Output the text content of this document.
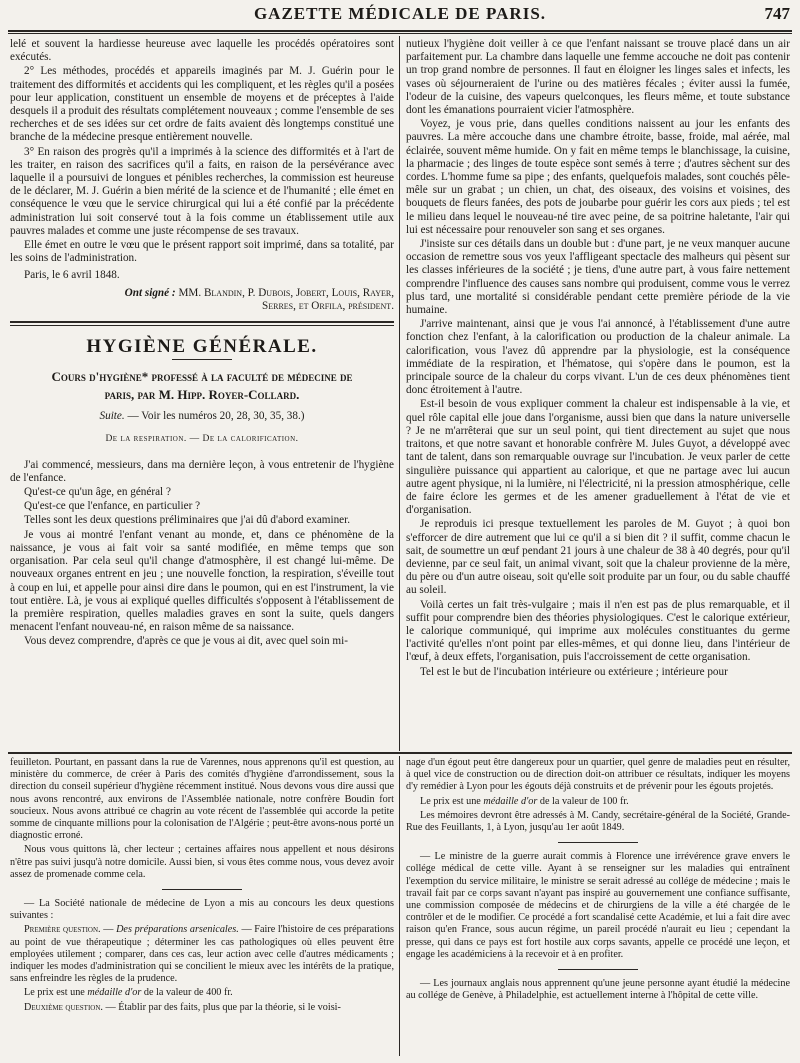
GAZETTE MÉDICALE DE PARIS.	747

lelé et souvent la hardiesse heureuse avec laquelle les procédés opératoires sont exécutés.

2° Les méthodes, procédés et appareils imaginés par M. J. Guérin pour le traitement des difformités et accidents qui les compliquent, et les règles qu'il a posées pour leur application, constituent un ensemble de moyens et de préceptes à l'aide desquels il a produit des résultats complétement nouveaux ; comme l'ensemble de ses recherches et de ses idées sur cet ordre de faits avaient dès longtemps constitué une branche de la médecine presque entièrement nouvelle.

3° En raison des progrès qu'il a imprimés à la science des difformités et à l'art de les traiter, en raison des sacrifices qu'il a faits, en raison de la persévérance avec laquelle il a poursuivi de longues et pénibles recherches, la commission est heureuse de le déclarer, M. J. Guérin a bien mérité de la science et de l'humanité ; elle émet en conséquence le vœu que le service chirurgical qui lui a été confié par la précédente administration lui soit conservé tout à la fois comme un établissement utile aux pauvres malades et comme une juste récompense de ses travaux.

Elle émet en outre le vœu que le présent rapport soit imprimé, dans sa totalité, par les soins de l'administration.

Paris, le 6 avril 1848.

Ont signé : MM. Blandin, P. Dubois, Jobert, Louis, Rayer,
Serres, et Orfila, président.
HYGIÈNE GÉNÉRALE.
Cours d'hygiène* professé à la faculté de médecine de
paris, par M. Hipp. Royer-Collard.
Suite. — Voir les numéros 20, 28, 30, 35, 38.)
De la respiration. — De la calorification.

J'ai commencé, messieurs, dans ma dernière leçon, à vous entretenir de l'hygiène de l'enfance.

Qu'est-ce qu'un âge, en général ?

Qu'est-ce que l'enfance, en particulier ?

Telles sont les deux questions préliminaires que j'ai dû d'abord examiner.

Je vous ai montré l'enfant venant au monde, et, dans ce phénomène de la naissance, je vous ai fait voir sa santé modifiée, en même temps que son organisation. Par cela seul qu'il change d'atmosphère, il est changé lui-même. De nouveaux organes entrent en jeu ; une nouvelle fonction, la respiration, s'éveille tout à coup en lui, et appelle pour ainsi dire dans le poumon, qui en est l'instrument, la vie tout entière. Là, je vous ai expliqué quelles difficultés s'opposent à l'établissement de la première respiration, quelles maladies graves en sont la suite, quels dangers menacent l'enfant nouveau-né, en raison même de sa naissance.

Vous devez comprendre, d'après ce que je vous ai dit, avec quel soin mi-

nutieux l'hygiène doit veiller à ce que l'enfant naissant se trouve placé dans un air parfaitement pur. La chambre dans laquelle une femme accouche ne doit pas contenir un trop grand nombre de personnes. Il faut en éloigner les linges sales et infects, les vases où séjourneraient de l'urine ou des matières fécales ; éviter aussi la fumée, l'odeur de la cuisine, des vapeurs quelconques, les fleurs même, et toute substance dont les émanations pourraient vicier l'atmosphère.

Voyez, je vous prie, dans quelles conditions naissent au jour les enfants des pauvres. La mère accouche dans une chambre étroite, basse, froide, mal aérée, mal éclairée, souvent même humide. On y fait en même temps le blanchissage, la cuisine, la pharmacie ; des linges de toute espèce sont semés à terre ; d'autres sèchent sur des cordes. L'homme fume sa pipe ; des enfants, quelquefois malades, sont couchés pêle-mêle sur un grabat ; un chien, un chat, des oiseaux, des voisins et voisines, des bouquets de fleurs fanées, des pots de joubarbe pour guérir les cors aux pieds ; tel est le milieu dans lequel le nouveau-né tire avec peine, de sa poitrine haletante, l'air qui lui est nécessaire pour renouveler son sang et ses organes.

J'insiste sur ces détails dans un double but : d'une part, je ne veux manquer aucune occasion de remettre sous vos yeux l'affligeant spectacle des malheurs qui pèsent sur les classes inférieures de la société ; je tiens, d'une autre part, à vous faire nettement comprendre l'influence des causes sans nombre qui produisent, comme vous le verrez plus tard, une mortalité si considérable pendant cette première période de la vie humaine.

J'arrive maintenant, ainsi que je vous l'ai annoncé, à l'établissement d'une autre fonction chez l'enfant, à la calorification ou production de la chaleur animale. La calorification, vous l'avez dû apprendre par la physiologie, est la conséquence immédiate de la respiration, et l'hématose, qui s'opère dans le poumon, est la principale source de la chaleur du corps vivant. L'un de ces deux phénomènes tient donc étroitement à l'autre.

Est-il besoin de vous expliquer comment la chaleur est indispensable à la vie, et quel rôle capital elle joue dans l'organisme, aussi bien que dans la nature universelle ? Je ne m'arrêterai que sur un seul point, qui tient directement au sujet que nous traitons, et que notre savant et honorable confrère M. Jules Guyot, a développé avec tant de talent, dans son remarquable ouvrage sur l'incubation. Je veux parler de cette singulière puissance qui appartient au calorique, et que ne partage avec lui aucun autre agent physique, ni la lumière, ni l'électricité, ni la pression atmosphérique, celle de faire éclore les germes et de les amener graduellement à l'état de vie et d'organisation.

Je reproduis ici presque textuellement les paroles de M. Guyot ; à quoi bon s'efforcer de dire autrement que lui ce qu'il a si bien dit ? il suffit, comme chacun le sait, de soumettre un œuf pendant 21 jours à une chaleur de 38 à 40 degrés, pour qu'il devienne, par ce seul fait, un animal vivant, soit que la chaleur provienne de la mère, du père ou d'un autre oiseau, soit qu'elle soit produite par un four, ou du sable chauffé au soleil.

Voilà certes un fait très-vulgaire ; mais il n'en est pas de plus remarquable, et il suffit pour comprendre bien des théories physiologiques. C'est le calorique extérieur, le calorique communiqué, qui imprime aux molécules constituantes du germe l'activité qu'elles n'ont point par elles-mêmes, et qui donne lieu, dans l'intérieur de l'œuf, à deux effets, l'organisation, puis l'accroissement de cette organisation.

Tel est le but de l'incubation intérieure ou extérieure ; intérieure pour

feuilleton. Pourtant, en passant dans la rue de Varennes, nous apprenons qu'il est question, au ministère du commerce, de créer à Paris des comités d'hygiène d'arrondissement, sous la direction du conseil supérieur d'hygiène récemment institué. Nous devons vous dire aussi que nous avons rencontré, aux environs de l'Assemblée nationale, notre confrère Boudin fort soucieux. Nous avons attribué ce chagrin au vote récent de l'assemblée qui accorde la petite somme de cinquante millions pour la colonisation de l'Algérie ; peut-être avons-nous porté un diagnostic erroné.

Nous vous quittons là, cher lecteur ; certaines affaires nous appellent et nous désirons n'être pas suivi jusqu'à notre domicile. Aussi bien, si vous êtes comme nous, vous devez avoir assez de promenade comme cela.

— La Société nationale de médecine de Lyon a mis au concours les deux questions suivantes :

Première question. — Des préparations arsenicales. — Faire l'histoire de ces préparations au point de vue thérapeutique ; déterminer les cas pathologiques où elles peuvent être employées utilement ; comparer, dans ces cas, leur action avec celle d'autres médicaments ; indiquer les modes d'administration qui se concilient le mieux avec les intérêts de la pratique, sans enfreindre les règles de la prudence.

Le prix est une médaille d'or de la valeur de 400 fr.

Deuxième question. — Établir par des faits, plus que par la théorie, si le voisi-

nage d'un égout peut être dangereux pour un quartier, quel genre de maladies peut en résulter, à quel vice de construction ou de direction doit-on attribuer ce résultats, indiquer les moyens d'y remédier à Lyon pour les égouts déjà construits et de prévenir pour les égouts projetés.

Le prix est une médaille d'or de la valeur de 100 fr.

Les mémoires devront être adressés à M. Candy, secrétaire-général de la Société, Grande-Rue des Feuillants, 1, à Lyon, jusqu'au 1er août 1849.

— Le ministre de la guerre aurait commis à Florence une irrévérence grave envers le collége médical de cette ville. Ayant à se renseigner sur les maladies qui entraînent l'exemption du service militaire, le ministre se serait adressé au collége de médecine ; mais le travail fait par ce corps savant n'ayant pas inspiré au gouvernement une confiance suffisante, une commission composée de médecins et de chirurgiens de la ville a été chargée de le contrôler et de le modifier. Ce procédé a fort scandalisé cette Académie, et lui a fait dire avec raison qu'en France, sous aucun régime, un pareil procédé n'aurait eu lieu ; cependant la presse, qui dans ce pays est fort hostile aux corps savants, appelle ce procédé une leçon, et engage les académiciens à la recevoir et à en profiter.

— Les journaux anglais nous apprennent qu'une jeune personne ayant étudié la médecine au collége de Genève, à Philadelphie, est actuellement interne à l'hôpital de cette ville.
